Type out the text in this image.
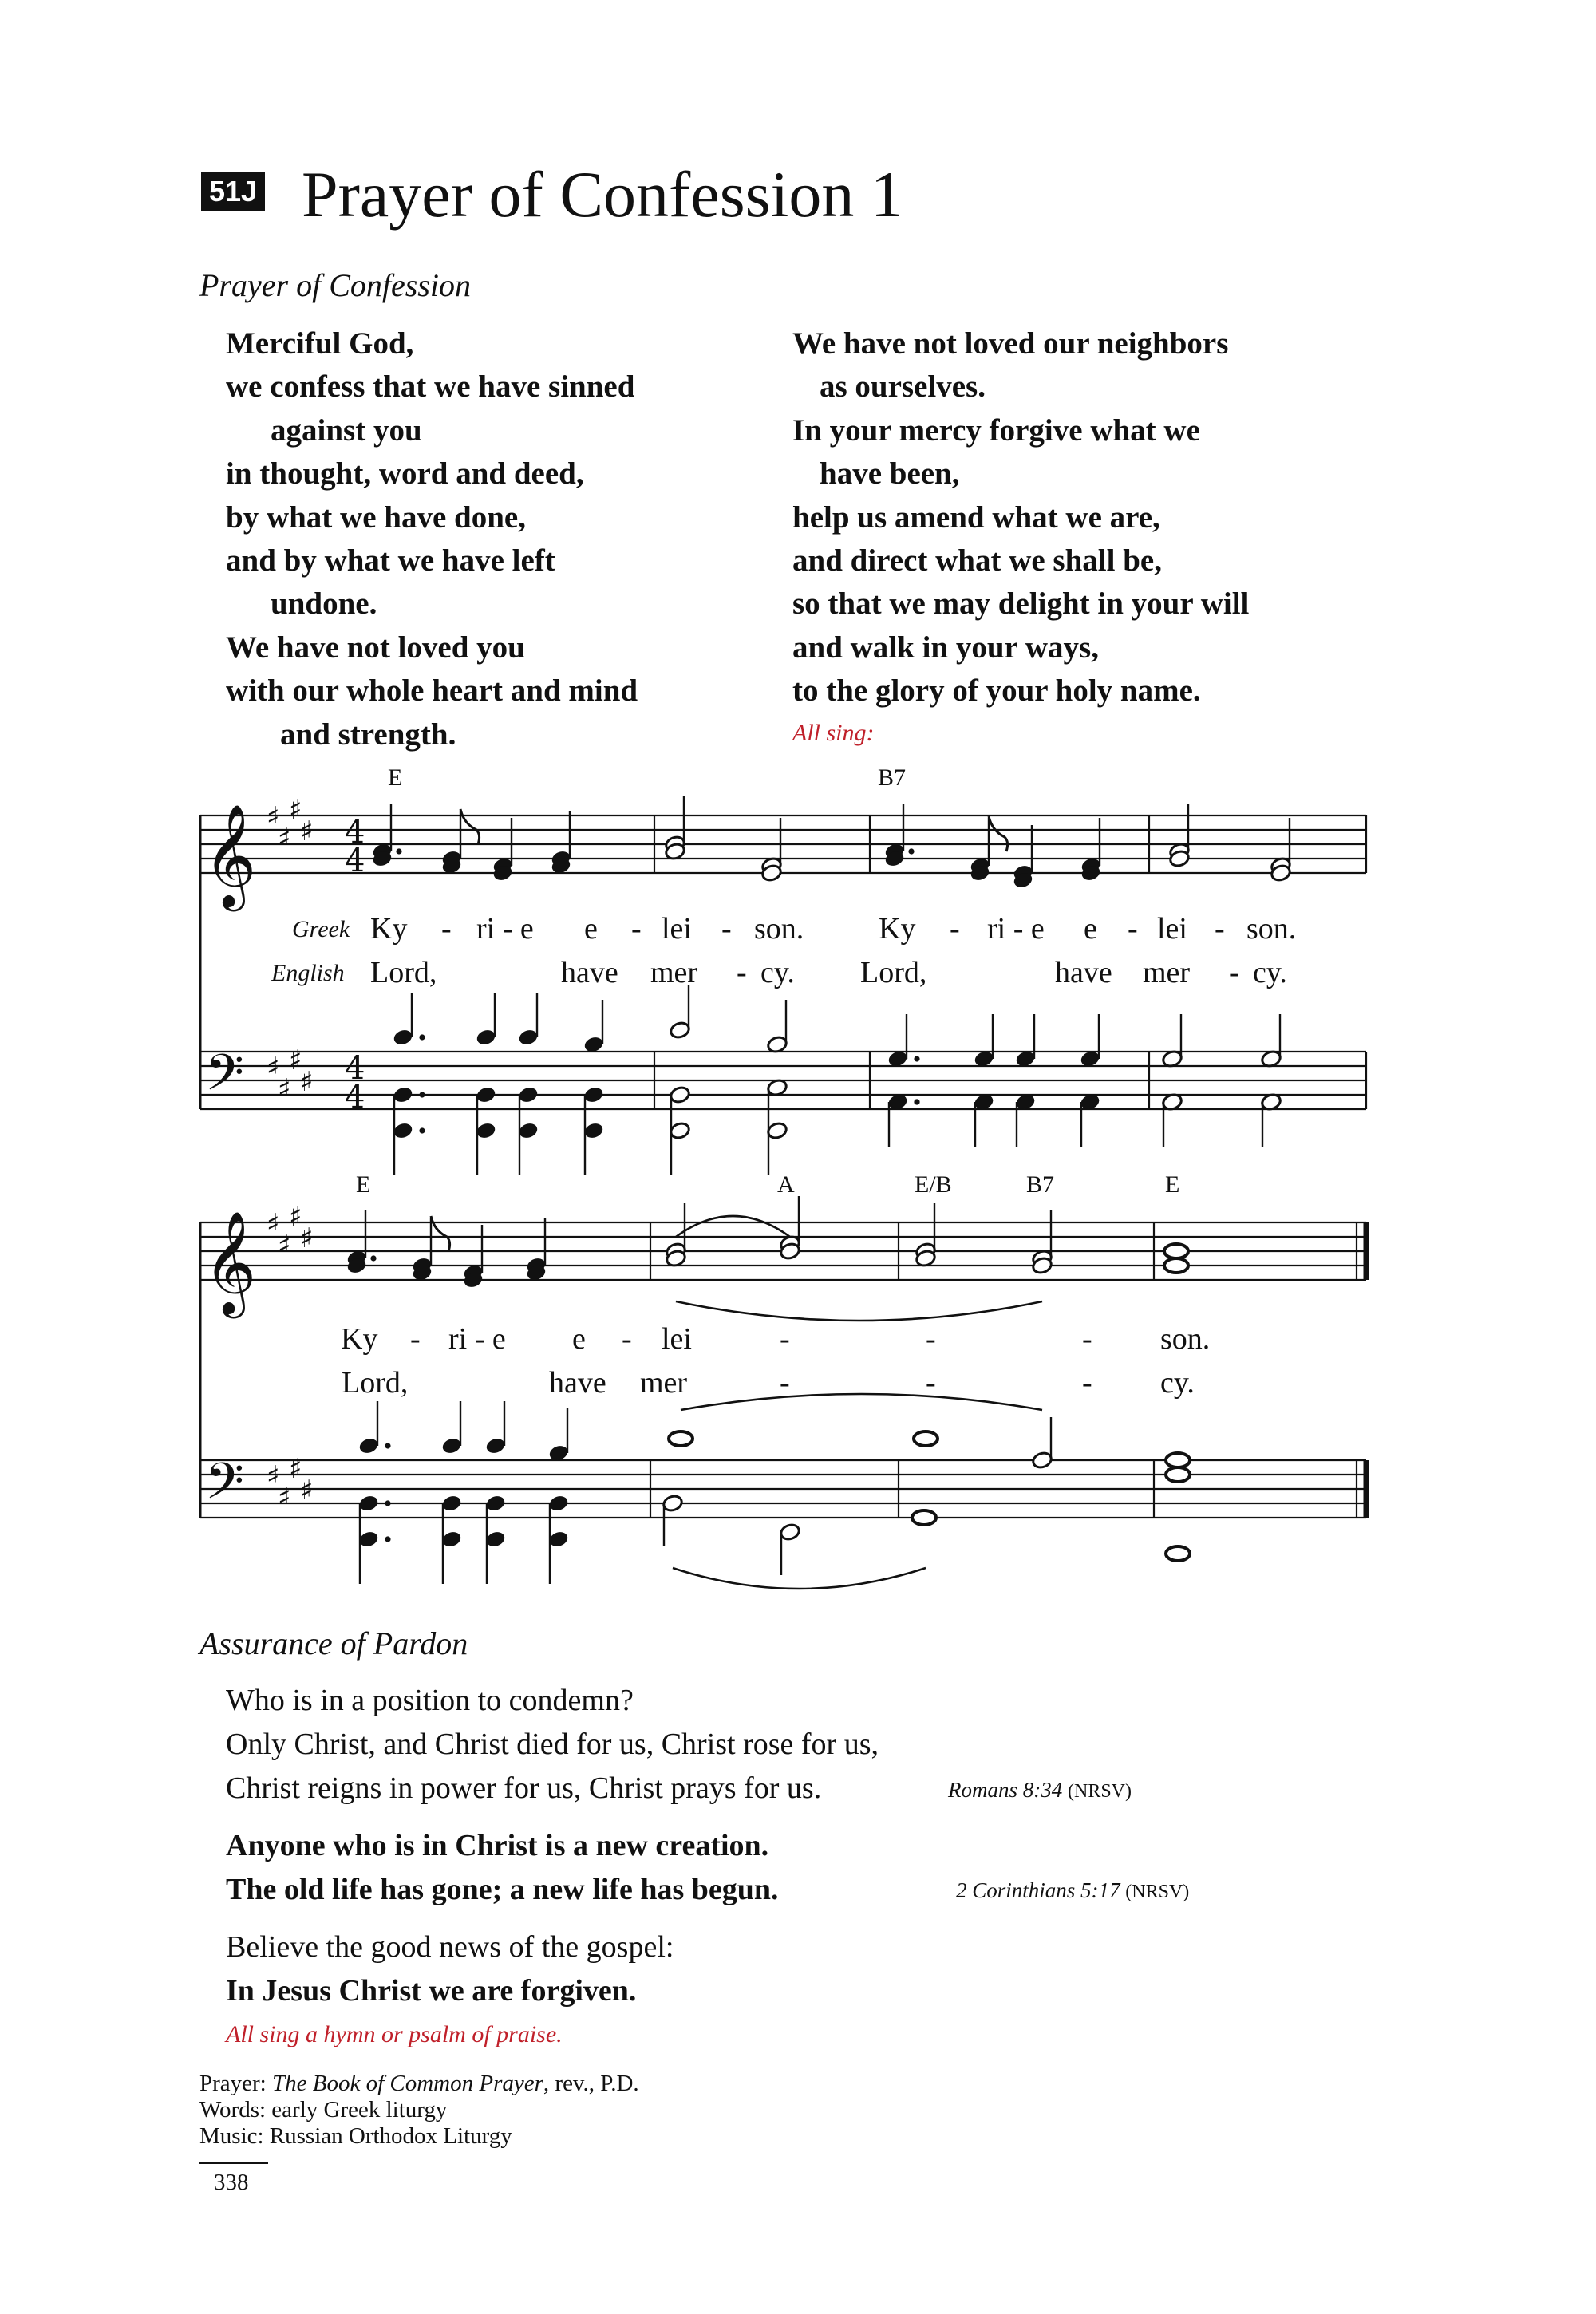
51J Prayer of Confession 1
Prayer of Confession
Merciful God,
we confess that we have sinned
against you
in thought, word and deed,
by what we have done,
and by what we have left
undone.
We have not loved you
with our whole heart and mind
and strength.
We have not loved our neighbors
as ourselves.
In your mercy forgive what we
have been,
help us amend what we are,
and direct what we shall be,
so that we may delight in your will
and walk in your ways,
to the glory of your holy name.
All sing:
𝄞
𝄢
♯
♯
♯
♯
♯
♯
♯
♯
4
4
4
4
𝄞
𝄢
♯
♯
♯
♯
♯
♯
♯
♯
E	B7
Greek
English
Ky - ri - e e - lei - son. Ky - ri - e e - lei - son.
Lord,	have mer - cy. Lord,	have mer - cy.
E	A	E/B	B7	E
Ky - ri - e e - lei	-	-	- son.
Lord,	have mer	-	-	- cy.
Assurance of Pardon
Who is in a position to condemn?
Only Christ, and Christ died for us, Christ rose for us,
Christ reigns in power for us, Christ prays for us.	Romans 8:34 (NRSV)
Anyone who is in Christ is a new creation.
The old life has gone; a new life has begun.	2 Corinthians 5:17 (NRSV)
Believe the good news of the gospel:
In Jesus Christ we are forgiven.
All sing a hymn or psalm of praise.
Prayer: The Book of Common Prayer, rev., P.D.
Words: early Greek liturgy
Music: Russian Orthodox Liturgy
338
